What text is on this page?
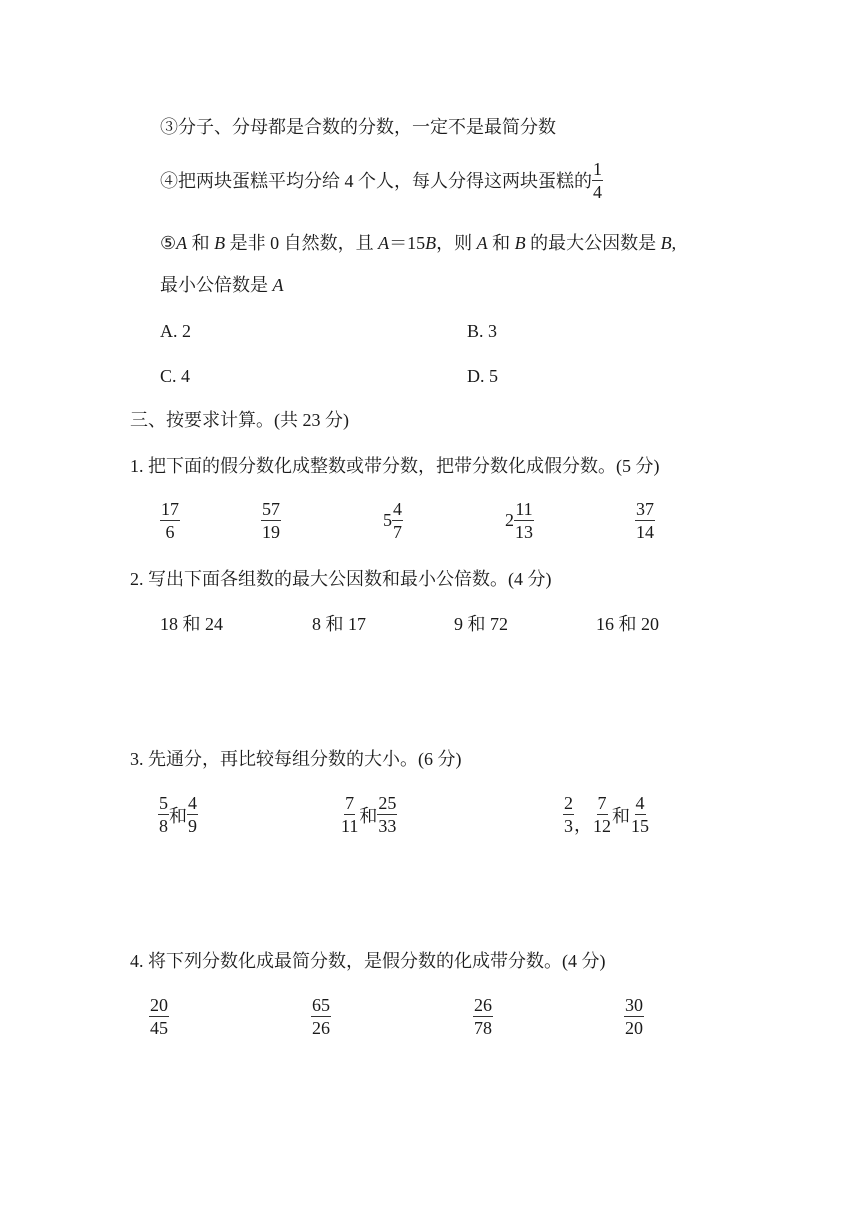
③分子、分母都是合数的分数，一定不是最简分数
④把两块蛋糕平均分给 4 个人，每人分得这两块蛋糕的 $\frac{1}{4}$
⑤A 和 B 是非 0 自然数，且 A＝15B，则 A 和 B 的最大公因数是 B,
最小公倍数是 A
A. 2	B. 3
C. 4	D. 5
三、按要求计算。(共 23 分)
1. 把下面的假分数化成整数或带分数，把带分数化成假分数。(5 分)
$\frac{17}{6}$	$\frac{57}{19}$	$5 \frac{4}{7}$	$2 \frac{11}{13}$	$\frac{37}{14}$
2. 写出下面各组数的最大公因数和最小公倍数。(4 分)
18 和 24	8 和 17	9 和 72	16 和 20
3. 先通分，再比较每组分数的大小。(6 分)
$\frac{5}{8}$ 和 $\frac{4}{9}$	$\frac{7}{11}$ 和 $\frac{25}{33}$	$\frac{2}{3}$ ， $\frac{7}{12}$ 和 $\frac{4}{15}$
4. 将下列分数化成最简分数，是假分数的化成带分数。(4 分)
$\frac{20}{45}$	$\frac{65}{26}$	$\frac{26}{78}$	$\frac{30}{20}$
